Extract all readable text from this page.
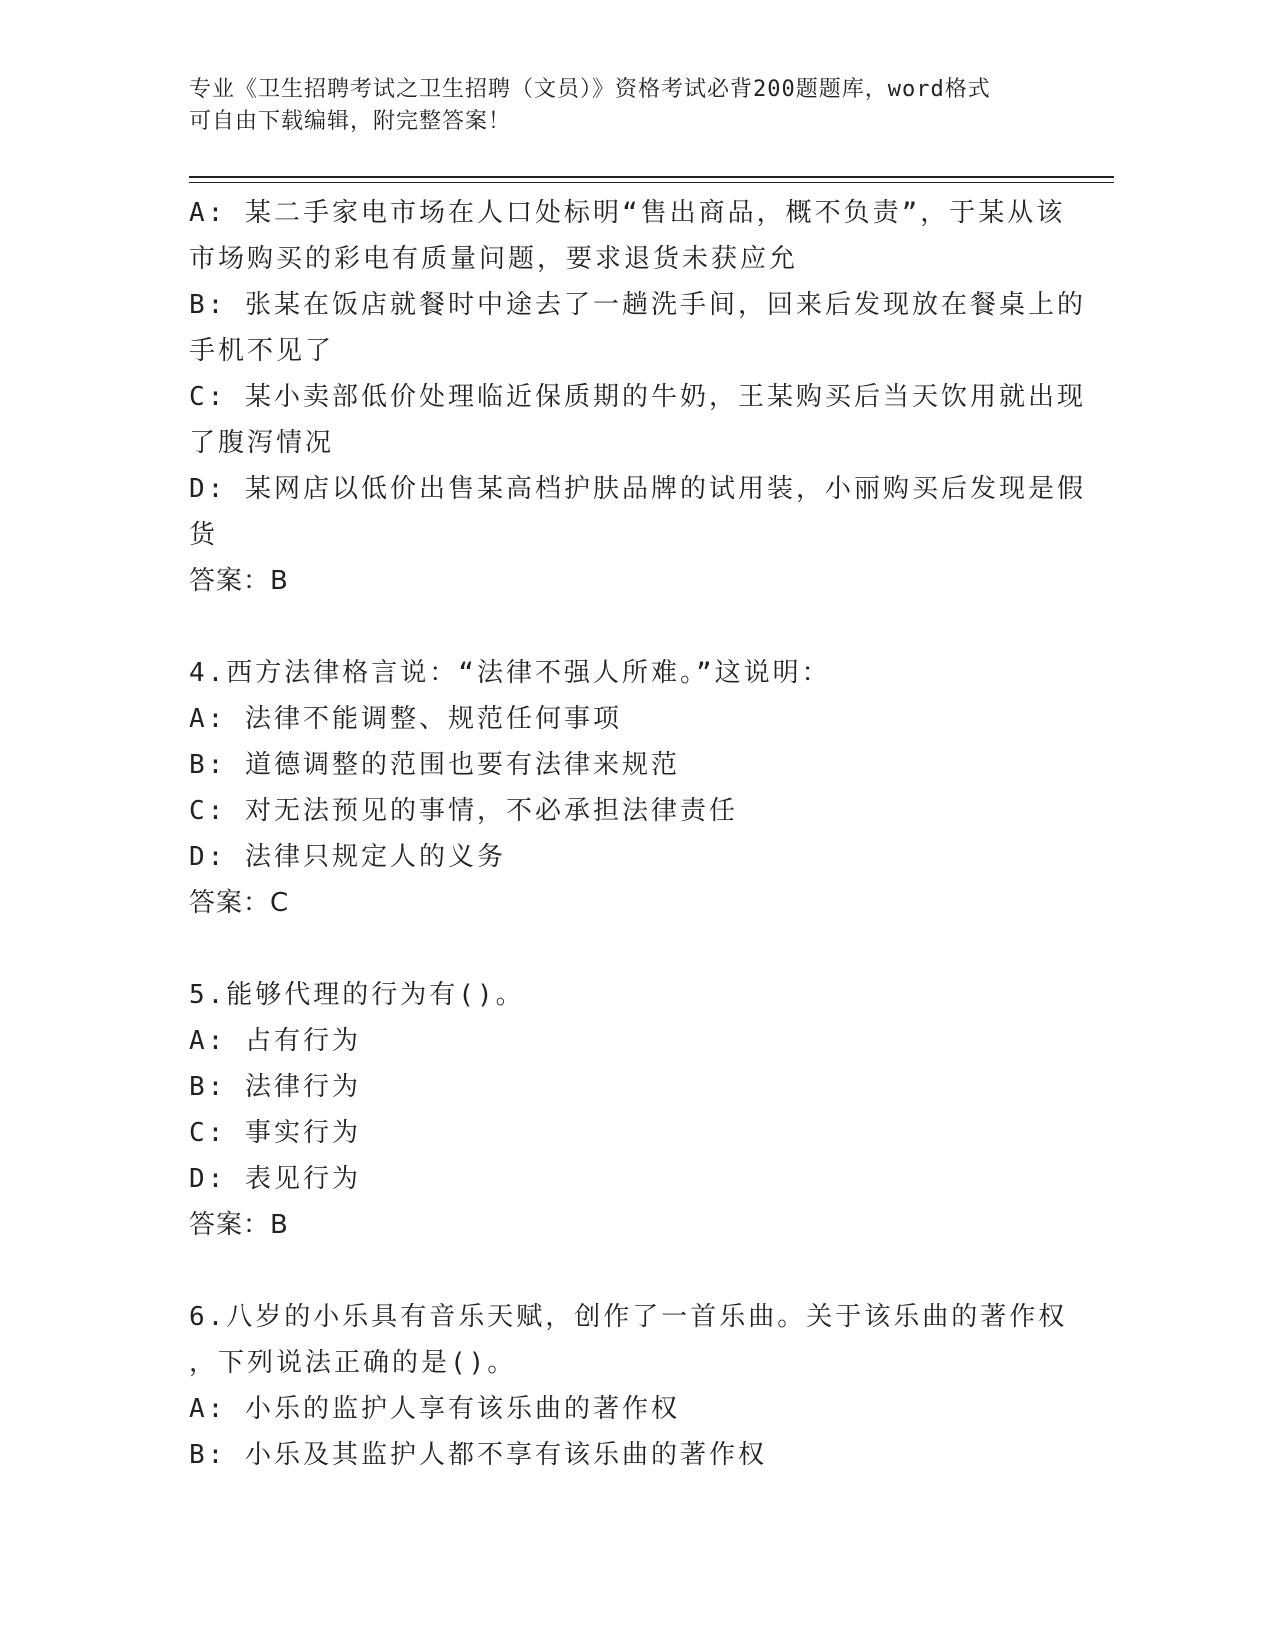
专业《卫生招聘考试之卫生招聘（文员）》资格考试必背200题题库，word格式
可自由下载编辑，附完整答案！
A: 某二手家电市场在人口处标明“售出商品，概不负责”，于某从该
市场购买的彩电有质量问题，要求退货未获应允
B: 张某在饭店就餐时中途去了一趟洗手间，回来后发现放在餐桌上的
手机不见了
C: 某小卖部低价处理临近保质期的牛奶，王某购买后当天饮用就出现
了腹泻情况
D: 某网店以低价出售某高档护肤品牌的试用装，小丽购买后发现是假
货
答案：B
4.西方法律格言说：“法律不强人所难。”这说明：
A: 法律不能调整、规范任何事项
B: 道德调整的范围也要有法律来规范
C: 对无法预见的事情，不必承担法律责任
D: 法律只规定人的义务
答案：C
5.能够代理的行为有()。
A: 占有行为
B: 法律行为
C: 事实行为
D: 表见行为
答案：B
6.八岁的小乐具有音乐天赋，创作了一首乐曲。关于该乐曲的著作权
，下列说法正确的是()。
A: 小乐的监护人享有该乐曲的著作权
B: 小乐及其监护人都不享有该乐曲的著作权
